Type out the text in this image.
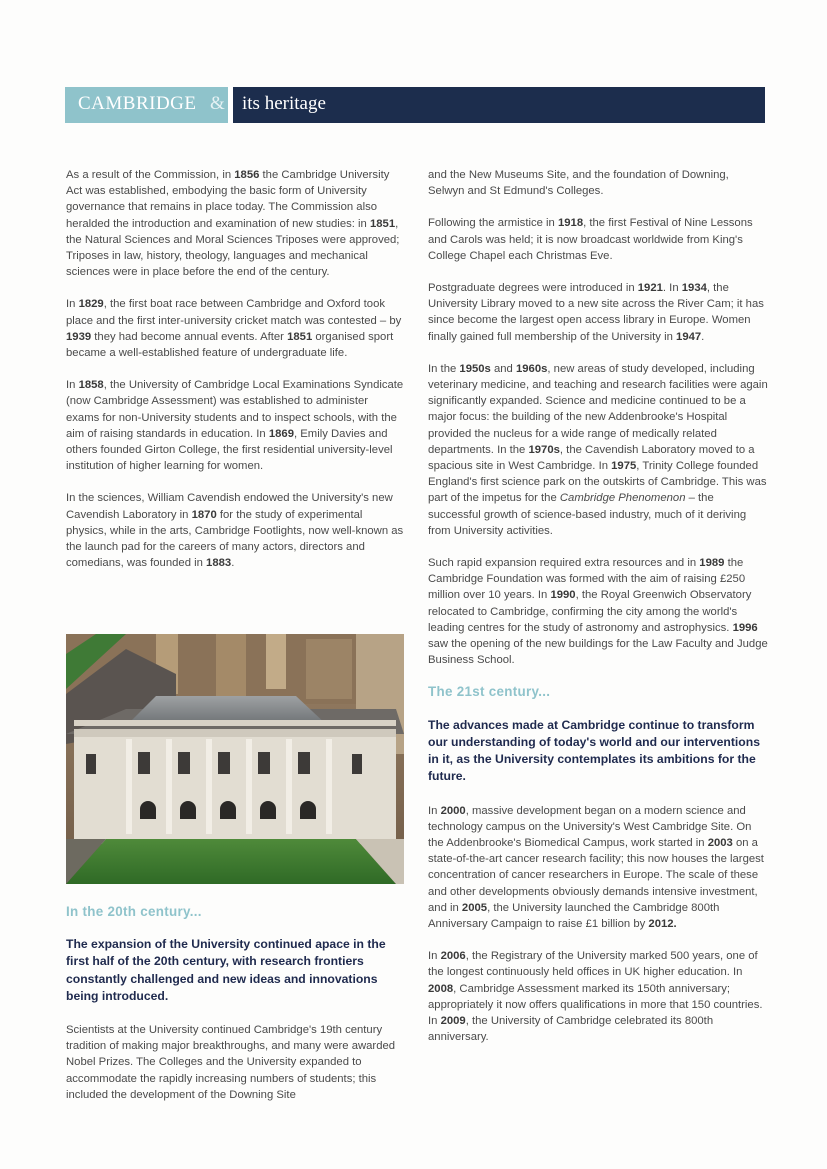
CAMBRIDGE & its heritage

As a result of the Commission, in 1856 the Cambridge University Act was established, embodying the basic form of University governance that remains in place today. The Commission also heralded the introduction and examination of new studies: in 1851, the Natural Sciences and Moral Sciences Triposes were approved; Triposes in law, history, theology, languages and mechanical sciences were in place before the end of the century.

In 1829, the first boat race between Cambridge and Oxford took place and the first inter-university cricket match was contested – by 1939 they had become annual events. After 1851 organised sport became a well-established feature of undergraduate life.

In 1858, the University of Cambridge Local Examinations Syndicate (now Cambridge Assessment) was established to administer exams for non-University students and to inspect schools, with the aim of raising standards in education. In 1869, Emily Davies and others founded Girton College, the first residential university-level institution of higher learning for women.

In the sciences, William Cavendish endowed the University's new Cavendish Laboratory in 1870 for the study of experimental physics, while in the arts, Cambridge Footlights, now well-known as the launch pad for the careers of many actors, directors and comedians, was founded in 1883.

In the 20th century...
The expansion of the University continued apace in the first half of the 20th century, with research frontiers constantly challenged and new ideas and innovations being introduced.

Scientists at the University continued Cambridge's 19th century tradition of making major breakthroughs, and many were awarded Nobel Prizes. The Colleges and the University expanded to accommodate the rapidly increasing numbers of students; this included the development of the Downing Site

and the New Museums Site, and the foundation of Downing, Selwyn and St Edmund's Colleges.

Following the armistice in 1918, the first Festival of Nine Lessons and Carols was held; it is now broadcast worldwide from King's College Chapel each Christmas Eve.

Postgraduate degrees were introduced in 1921. In 1934, the University Library moved to a new site across the River Cam; it has since become the largest open access library in Europe. Women finally gained full membership of the University in 1947.

In the 1950s and 1960s, new areas of study developed, including veterinary medicine, and teaching and research facilities were again significantly expanded. Science and medicine continued to be a major focus: the building of the new Addenbrooke's Hospital provided the nucleus for a wide range of medically related departments. In the 1970s, the Cavendish Laboratory moved to a spacious site in West Cambridge. In 1975, Trinity College founded England's first science park on the outskirts of Cambridge. This was part of the impetus for the Cambridge Phenomenon – the successful growth of science-based industry, much of it deriving from University activities.

Such rapid expansion required extra resources and in 1989 the Cambridge Foundation was formed with the aim of raising £250 million over 10 years. In 1990, the Royal Greenwich Observatory relocated to Cambridge, confirming the city among the world's leading centres for the study of astronomy and astrophysics. 1996 saw the opening of the new buildings for the Law Faculty and Judge Business School.

The 21st century...
The advances made at Cambridge continue to transform our understanding of today's world and our interventions in it, as the University contemplates its ambitions for the future.

In 2000, massive development began on a modern science and technology campus on the University's West Cambridge Site. On the Addenbrooke's Biomedical Campus, work started in 2003 on a state-of-the-art cancer research facility; this now houses the largest concentration of cancer researchers in Europe. The scale of these and other developments obviously demands intensive investment, and in 2005, the University launched the Cambridge 800th Anniversary Campaign to raise £1 billion by 2012.

In 2006, the Registrary of the University marked 500 years, one of the longest continuously held offices in UK higher education. In 2008, Cambridge Assessment marked its 150th anniversary; appropriately it now offers qualifications in more that 150 countries. In 2009, the University of Cambridge celebrated its 800th anniversary.
